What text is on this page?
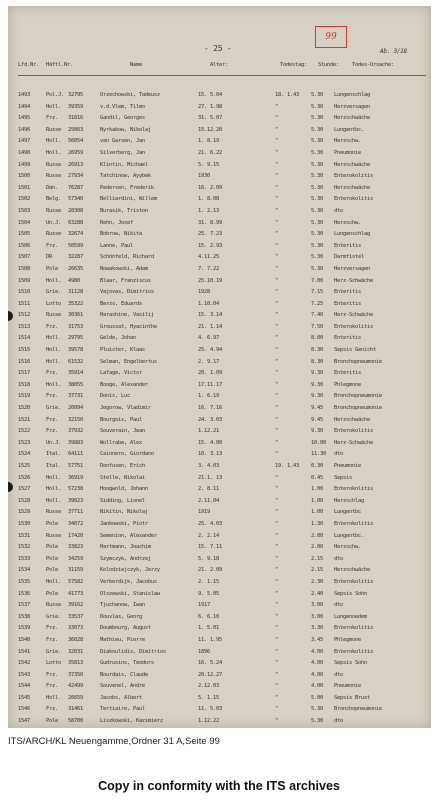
99
- 25 -	Ab. 3/18
Lfd.Nr. Häftl.Nr.	Name	Alter:	Todestag: Stunde: Todes-Ursache:
1493	Pol.J. 32795	Orzechowski, Tadeusz	15. 5.04	18. 1.43	5.30	Lungenschlag
1494	Holl.	39359	v.d.Vlem, Tilmo	27. 1.98	"	5.30	Herzversagen
1495	Frz.	31816	Gandil, Georges	31. 5.07	"	5.30	Herzschwäche
1496	Russe	25063	Nyrkakow, Nikolaj	15.12.20	"	5.30	Lungentbc.
1497	Holl.	56054	van Garsen, Jan	1. 8.19	"	5.30	Herzschw.
1498	Holl.	26959	Silverberg, Jan	21. 6.22	"	5.30	Pneumonie
1499	Russe	26913	Klintin, Michael	5. 9.15	"	5.30	Herzschwäche
1500	Russe	27934	Tatchinow, Ayybek	1930	"	5.30	Enterokolitis
1501	Dän.	76287	Pedersen, Frederik	16. 2.09	"	5.30	Herzschwäche
1502	Belg.	57340	Belliardini, Willem	1. 8.08	"	5.30	Enterokolitis
1503	Russe	28308	Burasik, Triston	1. 2.13	"	5.30	dto
1504	Un.J.	63288	Rehn, Josef	31. 8.99	"	5.30	Herzschw.
1505	Russe	32674	Bobrow, Nikita	25. 7.23	"	5.30	Lungenschlag
1506	Frz.	50599	Lanne, Paul	15. 2.93	"	5.30	Enteritis
1507	DR	32287	Schönfeld, Richard	4.11.25	"	5.30	Darmfistel
1508	Pole	26635	Nowakowski, Adam	7. 7.22	"	5.30	Herzversagen
1509	Holl.	4980	Blaar, Franziscus	25.10.19	"	7.00	Herz-Schwäche
1510	Grie.	31128	Vajovas, Dimitrios	1928	"	7.15	Enteritis
1511	Lotto	35322	Berzs, Eduards	1.10.04	"	7.25	Enteritis
1512	Russe	30361	Harashine, Vasilij	15. 3.14	"	7.40	Herz-Schwäche
1513	Frz.	31753	Groussat, Hyacinthe	21. 1.14	"	7.50	Enterokolitis
1514	Holl.	29795	Gelde, Johan	4. 6.97	"	8.00	Enteritis
1515	Holl.	39578	Pluister, Klaas	25. 4.94	"	8.30	Sepsis Genicht
1516	Holl.	61532	Selman, Engelbertus	2. 9.17	"	8.30	Bronchopneumonie
1517	Frz.	35914	Lafage, Victor	20. 1.09	"	9.30	Enteritis
1518	Holl.	38055	Booge, Alexander	17.11.17	"	9.30	Phlegmone
1519	Frz.	37731	Donis, Luc	1. 6.19	"	9.30	Bronchopneumonie
1520	Grie.	26094	Jegorow, Vladimir	16. 7.16	"	9.45	Bronchopneumonie
1521	Frz.	32150	Bourgois, Paul	24. 3.03	"	9.45	Herzschwäche
1522	Frz.	37932	Souverain, Jean	1.12.21	"	9.30	Enterokolitis
1523	Un.J.	39883	Wollrabe, Alex	15. 4.00	"	10.00	Herz-Schwäche
1524	Ital.	64111	Cainnero, Giordano	10. 3.13	"	11.30	dto
1525	Ital.	57751	Donfusen, Erich	3. 4.03	19. 1.43	0.30	Pneumonie
1526	Holl.	36919	Stelle, Nikolai	21.1. 13	"	0.45	Sepsis
1527	Holl.	57238	Hoogwold, Johann	2. 8.11	"	1.00	Enterokolitis
1528	Holl.	39823	Sidding, Lionel	2.11.04	"	1.00	Herzschlag
1529	Russe	37711	Nikitin, Nikolaj	1919	"	1.00	Lungentbc
1530	Pole	34072	Jankowski, Piotr	25. 4.03	"	1.30	Enterokolitis
1531	Russe	17420	Semenion, Alexander	2. 2.14	"	2.00	Lungentbc.
1532	Pole	33823	Hartmann, Joachim	15. 7.11	"	2.00	Herzschw.
1533	Pole	34259	Szymczyk, Andrzej	5. 9.18	"	2.15	dto
1534	Pole	31159	Kolodziejczyk, Jerzy	21. 2.09	"	2.15	Herzschwäche
1535	Holl.	57582	Verkerdijk, Jacobus	2. 1.15	"	2.30	Enterokolitis
1536	Pole	41773	Olszewski, Stanislaw	9. 5.05	"	2.40	Sepsis Sohn
1537	Russe	39162	Tjuchanow, Iwan	1917	"	3.00	dto
1538	Grie.	33537	Douvlas, Georg	6. 6.10	"	3.00	Lungenoedem
1539	Frz.	33073	Doumbourg, August	1. 5.01	"	3.30	Enterokolitis
1540	Frz.	36028	Mathieu, Pierre	11. 1.95	"	3.45	Phlegmone
1541	Grie.	32031	Diakoulidis, Dimitrios	1896	"	4.00	Enterokolitis
1542	Lotto	35813	Gudrusins, Teodors	16. 5.24	"	4.00	Sepsis Sohn
1543	Frz.	37350	Bourdais, Claude	20.12.27	"	4.00	dto
1544	Frz.	42499	Souvenel, Andre	2.12.03	"	4.00	Pneumonie
1545	Holl.	26659	Jacobs, Albert	5. 1.15	"	5.00	Sepsis Brust
1546	Frz.	31461	Tertiaire, Paul	11. 5.03	"	5.30	Bronchopneumonie
1547	Pole	58700	Liszkowski, Kazimierz	1.12.22	"	5.30	dto
ITS/ARCH/KL Neuengamme,Ordner 31 A,Seite 99
Copy in conformity with the ITS archives
